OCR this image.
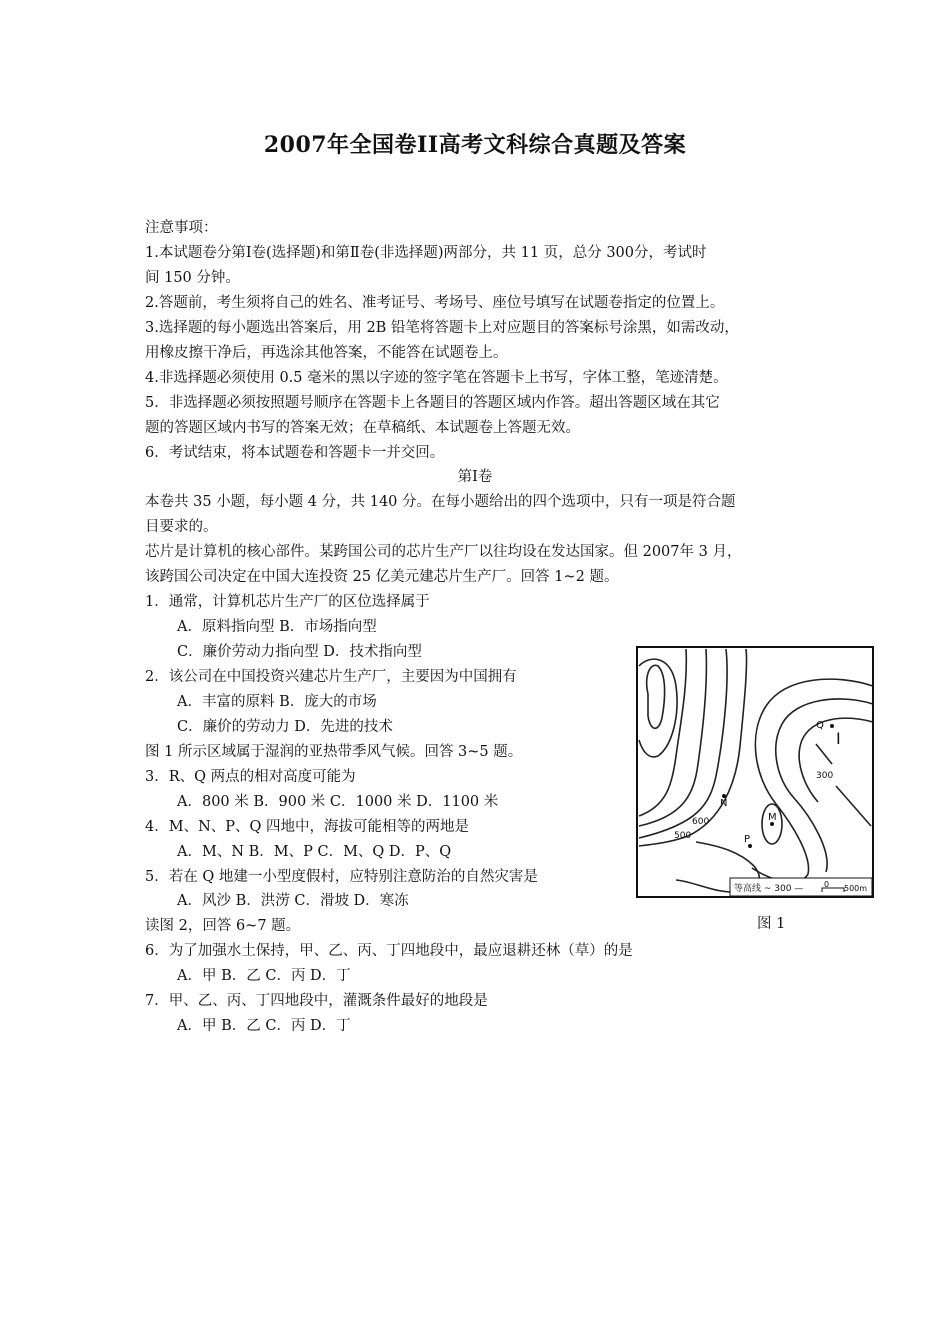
2007年全国卷II高考文科综合真题及答案
注意事项：
1.本试题卷分第Ⅰ卷(选择题)和第Ⅱ卷(非选择题)两部分，共 11 页，总分 300分，考试时
间 150 分钟。
2.答题前，考生须将自己的姓名、准考证号、考场号、座位号填写在试题卷指定的位置上。
3.选择题的每小题选出答案后，用 2B 铅笔将答题卡上对应题目的答案标号涂黑，如需改动，
用橡皮擦干净后，再选涂其他答案，不能答在试题卷上。
4.非选择题必须使用 0.5 毫米的黑以字迹的签字笔在答题卡上书写，字体工整，笔迹清楚。
5．非选择题必须按照题号顺序在答题卡上各题目的答题区域内作答。超出答题区域在其它
题的答题区域内书写的答案无效；在草稿纸、本试题卷上答题无效。
6．考试结束，将本试题卷和答题卡一并交回。
第Ⅰ卷
本卷共 35 小题，每小题 4 分，共 140 分。在每小题给出的四个选项中，只有一项是符合题
目要求的。
芯片是计算机的核心部件。某跨国公司的芯片生产厂以往均设在发达国家。但 2007年 3 月，
该跨国公司决定在中国大连投资 25 亿美元建芯片生产厂。回答 1~2 题。
1．通常，计算机芯片生产厂的区位选择属于
A．原料指向型 B．市场指向型
C．廉价劳动力指向型 D．技术指向型
2．该公司在中国投资兴建芯片生产厂，主要因为中国拥有
A．丰富的原料 B．庞大的市场
C．廉价的劳动力 D．先进的技术
图 1 所示区域属于湿润的亚热带季风气候。回答 3~5 题。
3．R、Q 两点的相对高度可能为
A．800 米 B．900 米 C．1000 米 D．1100 米
4．M、N、P、Q 四地中，海拔可能相等的两地是
A．M、N B．M、P C．M、Q D．P、Q
5．若在 Q 地建一小型度假村，应特别注意防治的自然灾害是
A．风沙 B．洪涝 C．滑坡 D．寒冻
读图 2，回答 6~7 题。	图 1
6．为了加强水土保持，甲、乙、丙、丁四地段中，最应退耕还林（草）的是
A．甲 B．乙 C．丙 D．丁
7．甲、乙、丙、丁四地段中，灌溉条件最好的地段是
A．甲 B．乙 C．丙 D．丁
Q
I
N
M
P
300
600
500
等高线 ~ 300 —	0 500m
